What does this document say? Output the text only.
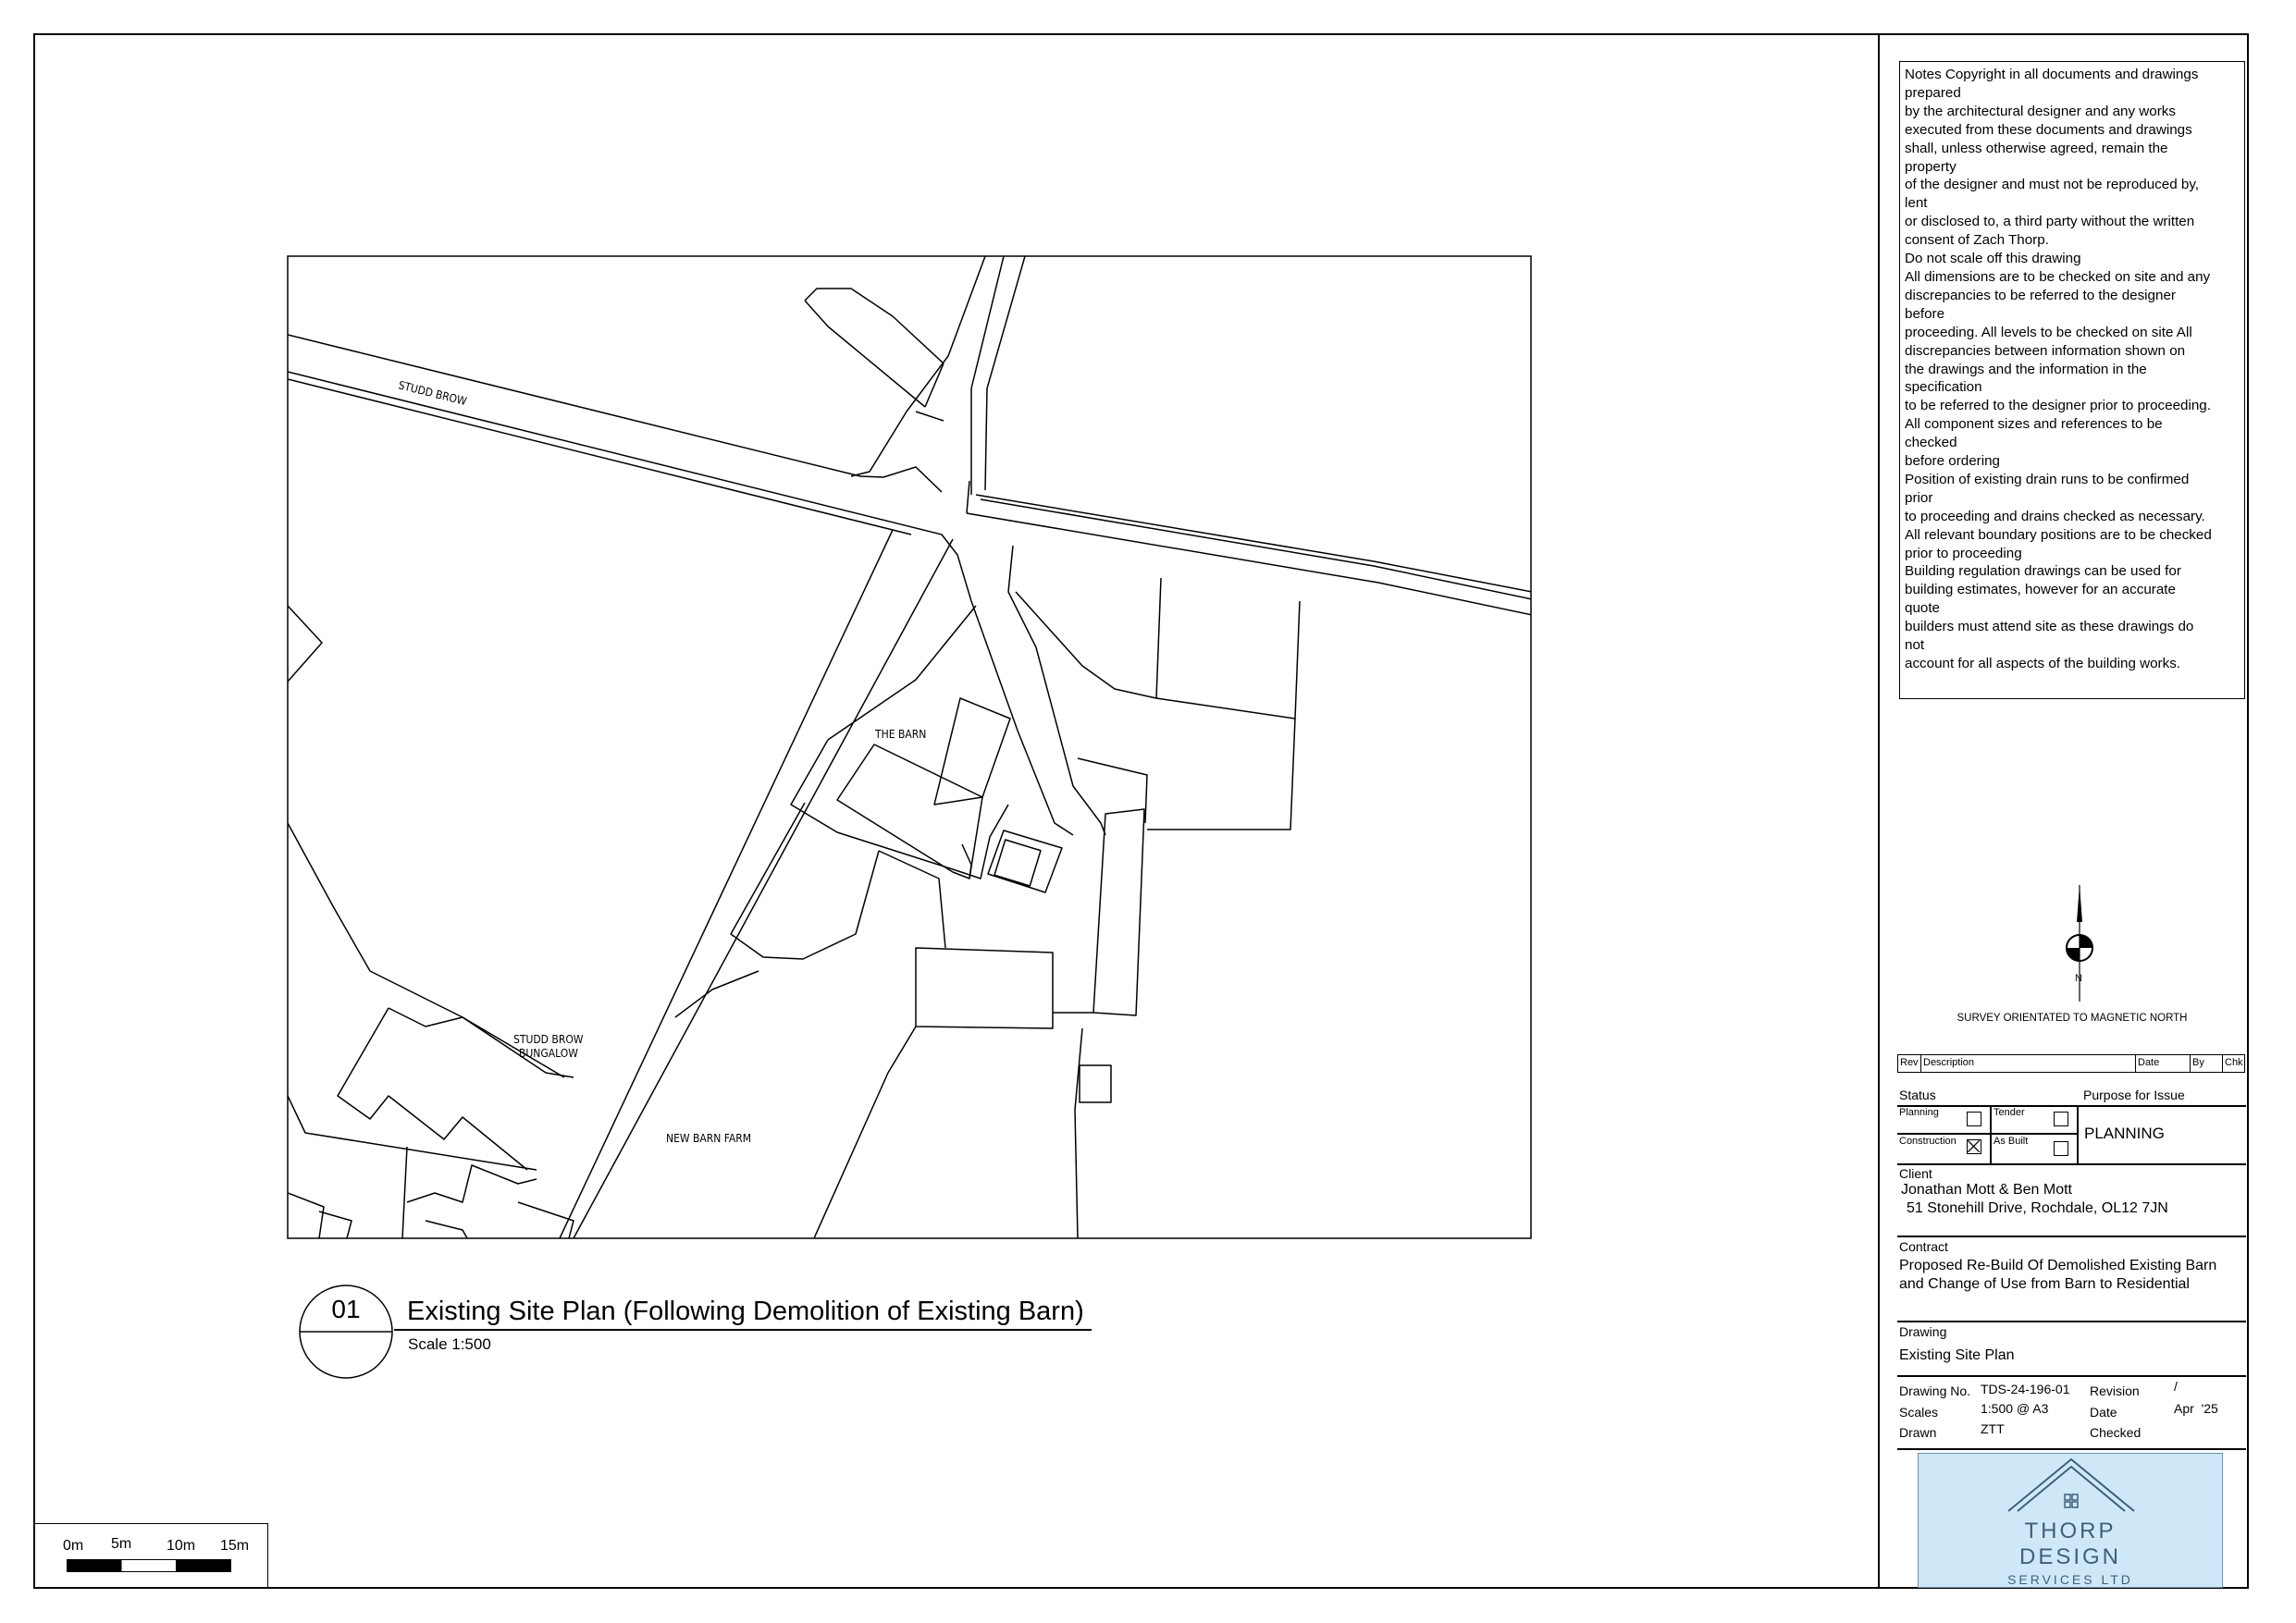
STUDD BROW
THE BARN
STUDD BROW
BUNGALOW
NEW BARN FARM
01	Existing Site Plan (Following Demolition of Existing Barn)
Scale 1:500
0m 5m 10m 15m
Notes Copyright in all documents and drawings
prepared
by the architectural designer and any works
executed from these documents and drawings
shall, unless otherwise agreed, remain the
property
of the designer and must not be reproduced by,
lent
or disclosed to, a third party without the written
consent of Zach Thorp.
Do not scale off this drawing
All dimensions are to be checked on site and any
discrepancies to be referred to the designer
before
proceeding. All levels to be checked on site All
discrepancies between information shown on
the drawings and the information in the
specification
to be referred to the designer prior to proceeding.
All component sizes and references to be
checked
before ordering
Position of existing drain runs to be confirmed
prior
to proceeding and drains checked as necessary.
All relevant boundary positions are to be checked
prior to proceeding
Building regulation drawings can be used for
building estimates, however for an accurate
quote
builders must attend site as these drawings do
not
account for all aspects of the building works.
N
SURVEY ORIENTATED TO MAGNETIC NORTH
Rev Description	Date	By Chk
Status	Purpose for Issue
Planning	Tender
Construction	As Built	PLANNING
Client
Jonathan Mott & Ben Mott
51 Stonehill Drive, Rochdale, OL12 7JN
Contract
Proposed Re-Build Of Demolished Existing Barn
and Change of Use from Barn to Residential
Drawing
Existing Site Plan
Drawing No. TDS-24-196-01 Revision	/
Scales	1:500 @ A3	Date	Apr  '25
Drawn	ZTT	Checked
THORP
DESIGN
SERVICES LTD
